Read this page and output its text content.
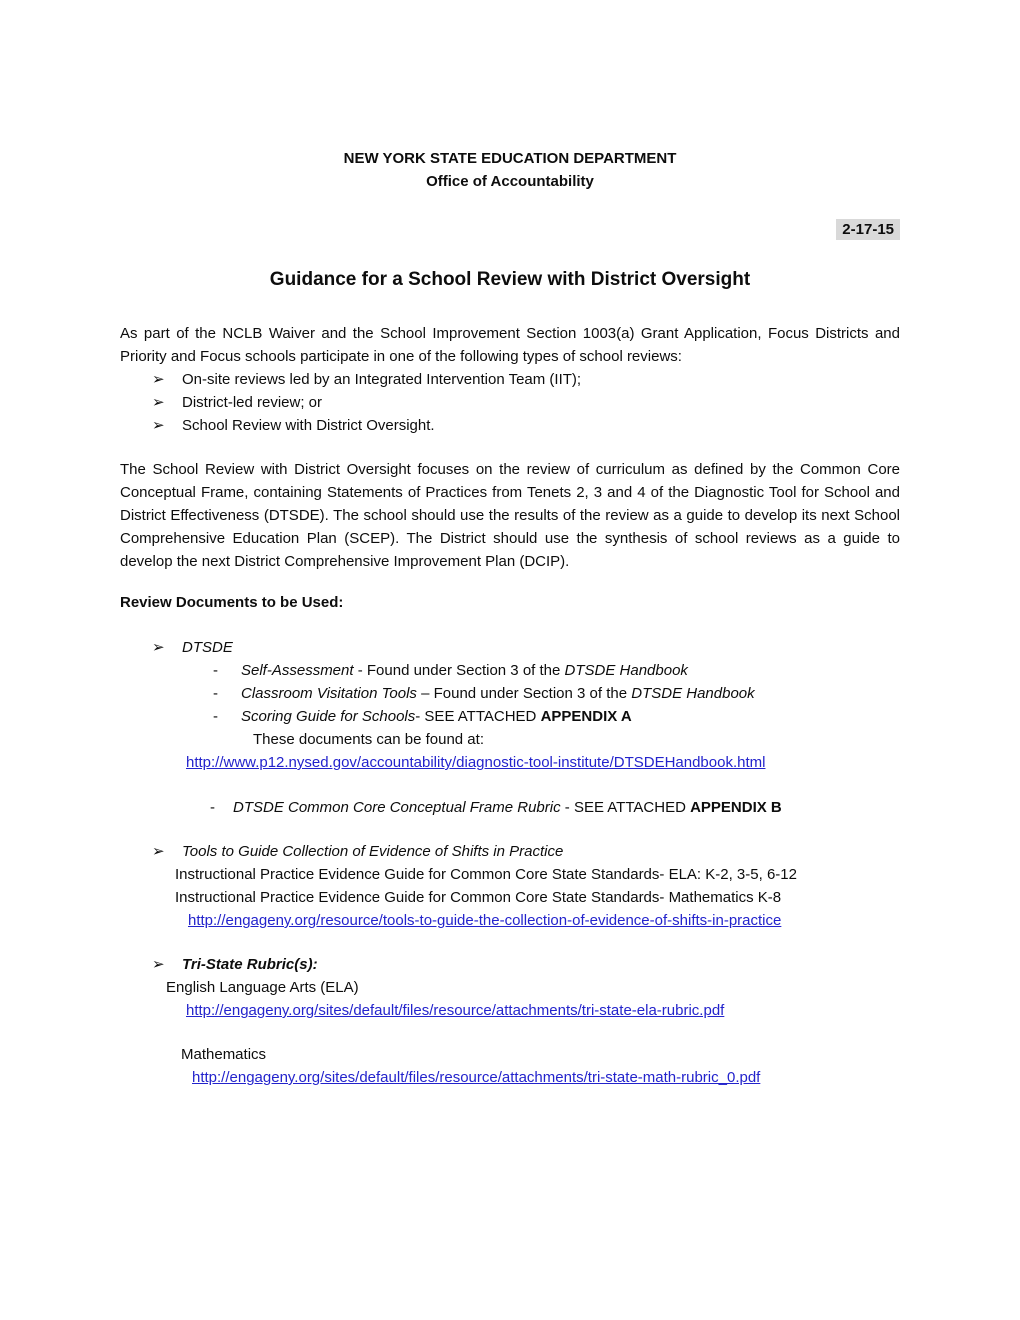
NEW YORK STATE EDUCATION DEPARTMENT
Office of Accountability
2-17-15
Guidance for a School Review with District Oversight
As part of the NCLB Waiver and the School Improvement Section 1003(a) Grant Application, Focus Districts and Priority and Focus schools participate in one of the following types of school reviews:
➢ On-site reviews led by an Integrated Intervention Team (IIT);
➢ District-led review; or
➢ School Review with District Oversight.
The School Review with District Oversight focuses on the review of curriculum as defined by the Common Core Conceptual Frame, containing Statements of Practices from Tenets 2, 3 and 4 of the Diagnostic Tool for School and District Effectiveness (DTSDE). The school should use the results of the review as a guide to develop its next School Comprehensive Education Plan (SCEP). The District should use the synthesis of school reviews as a guide to develop the next District Comprehensive Improvement Plan (DCIP).
Review Documents to be Used:
➢ DTSDE
- Self-Assessment - Found under Section 3 of the DTSDE Handbook
- Classroom Visitation Tools – Found under Section 3 of the DTSDE Handbook
- Scoring Guide for Schools- SEE ATTACHED APPENDIX A
These documents can be found at:
http://www.p12.nysed.gov/accountability/diagnostic-tool-institute/DTSDEHandbook.html
- DTSDE Common Core Conceptual Frame Rubric - SEE ATTACHED APPENDIX B
➢ Tools to Guide Collection of Evidence of Shifts in Practice
Instructional Practice Evidence Guide for Common Core State Standards- ELA: K-2, 3-5, 6-12
Instructional Practice Evidence Guide for Common Core State Standards- Mathematics K-8
http://engageny.org/resource/tools-to-guide-the-collection-of-evidence-of-shifts-in-practice
➢ Tri-State Rubric(s):
English Language Arts (ELA)
http://engageny.org/sites/default/files/resource/attachments/tri-state-ela-rubric.pdf
Mathematics
http://engageny.org/sites/default/files/resource/attachments/tri-state-math-rubric_0.pdf
